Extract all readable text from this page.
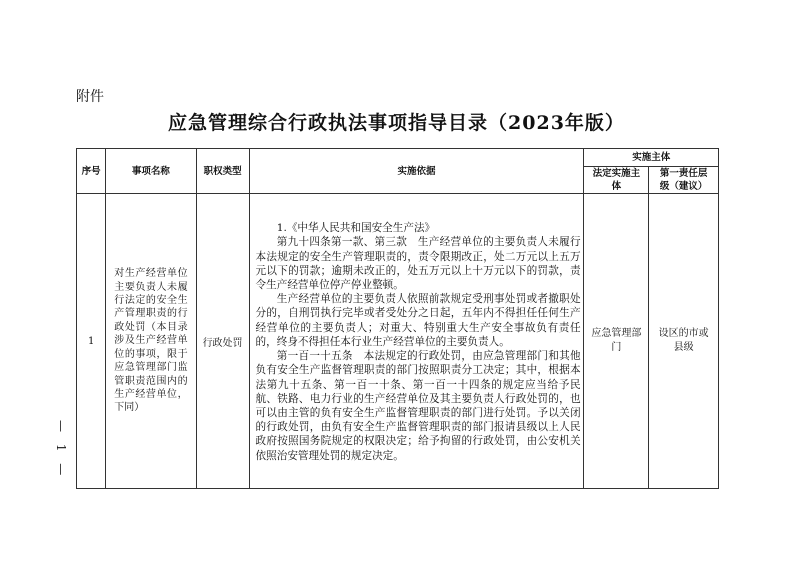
附件
应急管理综合行政执法事项指导目录（2023年版）
序号	事项名称	职权类型	实施依据	实施主体	
				法定实施主体	第一责任层级（建议）
1	对生产经营单位主要负责人未履行法定的安全生产管理职责的行政处罚（本目录涉及生产经营单位的事项，限于应急管理部门监管职责范围内的生产经营单位，下同）	行政处罚	1.《中华人民共和国安全生产法》

第九十四条第一款、第三款　生产经营单位的主要负责人未履行本法规定的安全生产管理职责的，责令限期改正，处二万元以上五万元以下的罚款；逾期未改正的，处五万元以上十万元以下的罚款，责令生产经营单位停产停业整顿。

生产经营单位的主要负责人依照前款规定受刑事处罚或者撤职处分的，自刑罚执行完毕或者受处分之日起，五年内不得担任任何生产经营单位的主要负责人；对重大、特别重大生产安全事故负有责任的，终身不得担任本行业生产经营单位的主要负责人。

第一百一十五条　本法规定的行政处罚，由应急管理部门和其他负有安全生产监督管理职责的部门按照职责分工决定；其中，根据本法第九十五条、第一百一十条、第一百一十四条的规定应当给予民航、铁路、电力行业的生产经营单位及其主要负责人行政处罚的，也可以由主管的负有安全生产监督管理职责的部门进行处罚。予以关闭的行政处罚，由负有安全生产监督管理职责的部门报请县级以上人民政府按照国务院规定的权限决定；给予拘留的行政处罚，由公安机关依照治安管理处罚的规定决定。	应急管理部门	设区的市或县级
— 1 —
